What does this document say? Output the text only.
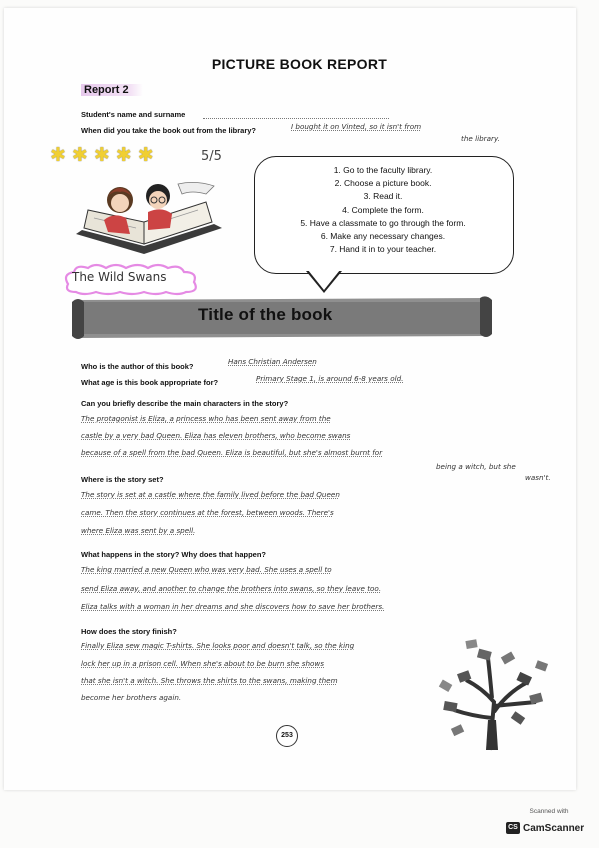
PICTURE BOOK REPORT
Report 2
Student's name and surname
When did you take the book out from the library?	I bought it on Vinted, so it isn't from
the library.
✱ ✱ ✱ ✱ ✱	5/5
The Wild Swans
1. Go to the faculty library.
2. Choose a picture book.
3. Read it.
4. Complete the form.
5. Have a classmate to go through the form.
6. Make any necessary changes.
7. Hand it in to your teacher.
Title of the book
Who is the author of this book?
Hans Christian Andersen
What age is this book appropriate for?	Primary Stage 1, is around 6-8 years old.
Can you briefly describe the main characters in the story?
The protagonist is Eliza, a princess who has been sent away from the
castle by a very bad Queen. Eliza has eleven brothers, who become swans
because of a spell from the bad Queen. Eliza is beautiful, but she's almost burnt for
being a witch, but she
wasn't.
Where is the story set?
The story is set at a castle where the family lived before the bad Queen
came. Then the story continues at the forest, between woods. There's
where Eliza was sent by a spell.
What happens in the story? Why does that happen?
The king married a new Queen who was very bad. She uses a spell to
send Eliza away, and another to change the brothers into swans, so they leave too.
Eliza talks with a woman in her dreams and she discovers how to save her brothers.
How does the story finish?
Finally Eliza sew magic T-shirts. She looks poor and doesn't talk, so the king
lock her up in a prison cell. When she's about to be burn she shows
that she isn't a witch. She throws the shirts to the swans, making them
become her brothers again.
253
Scanned with
CS CamScanner
